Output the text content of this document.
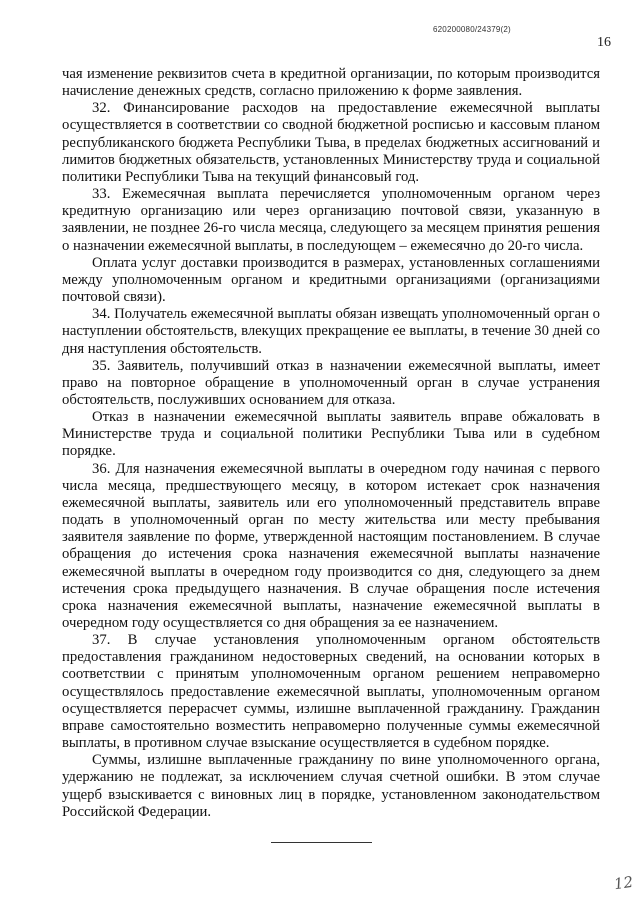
620200080/24379(2)
16

чая изменение реквизитов счета в кредитной организации, по которым производится начисление денежных средств, согласно приложению к форме заявления.

32. Финансирование расходов на предоставление ежемесячной выплаты осуществляется в соответствии со сводной бюджетной росписью и кассовым планом республиканского бюджета Республики Тыва, в пределах бюджетных ассигнований и лимитов бюджетных обязательств, установленных Министерству труда и социальной политики Республики Тыва на текущий финансовый год.

33. Ежемесячная выплата перечисляется уполномоченным органом через кредитную организацию или через организацию почтовой связи, указанную в заявлении, не позднее 26-го числа месяца, следующего за месяцем принятия решения о назначении ежемесячной выплаты, в последующем – ежемесячно до 20-го числа.

Оплата услуг доставки производится в размерах, установленных соглашениями между уполномоченным органом и кредитными организациями (организациями почтовой связи).

34. Получатель ежемесячной выплаты обязан извещать уполномоченный орган о наступлении обстоятельств, влекущих прекращение ее выплаты, в течение 30 дней со дня наступления обстоятельств.

35. Заявитель, получивший отказ в назначении ежемесячной выплаты, имеет право на повторное обращение в уполномоченный орган в случае устранения обстоятельств, послуживших основанием для отказа.

Отказ в назначении ежемесячной выплаты заявитель вправе обжаловать в Министерстве труда и социальной политики Республики Тыва или в судебном порядке.

36. Для назначения ежемесячной выплаты в очередном году начиная с первого числа месяца, предшествующего месяцу, в котором истекает срок назначения ежемесячной выплаты, заявитель или его уполномоченный представитель вправе подать в уполномоченный орган по месту жительства или месту пребывания заявителя заявление по форме, утвержденной настоящим постановлением. В случае обращения до истечения срока назначения ежемесячной выплаты назначение ежемесячной выплаты в очередном году производится со дня, следующего за днем истечения срока предыдущего назначения. В случае обращения после истечения срока назначения ежемесячной выплаты, назначение ежемесячной выплаты в очередном году осуществляется со дня обращения за ее назначением.

37. В случае установления уполномоченным органом обстоятельств предоставления гражданином недостоверных сведений, на основании которых в соответствии с принятым уполномоченным органом решением неправомерно осуществлялось предоставление ежемесячной выплаты, уполномоченным органом осуществляется перерасчет суммы, излишне выплаченной гражданину. Гражданин вправе самостоятельно возместить неправомерно полученные суммы ежемесячной выплаты, в противном случае взыскание осуществляется в судебном порядке.

Суммы, излишне выплаченные гражданину по вине уполномоченного органа, удержанию не подлежат, за исключением случая счетной ошибки. В этом случае ущерб взыскивается с виновных лиц в порядке, установленном законодательством Российской Федерации.

12
